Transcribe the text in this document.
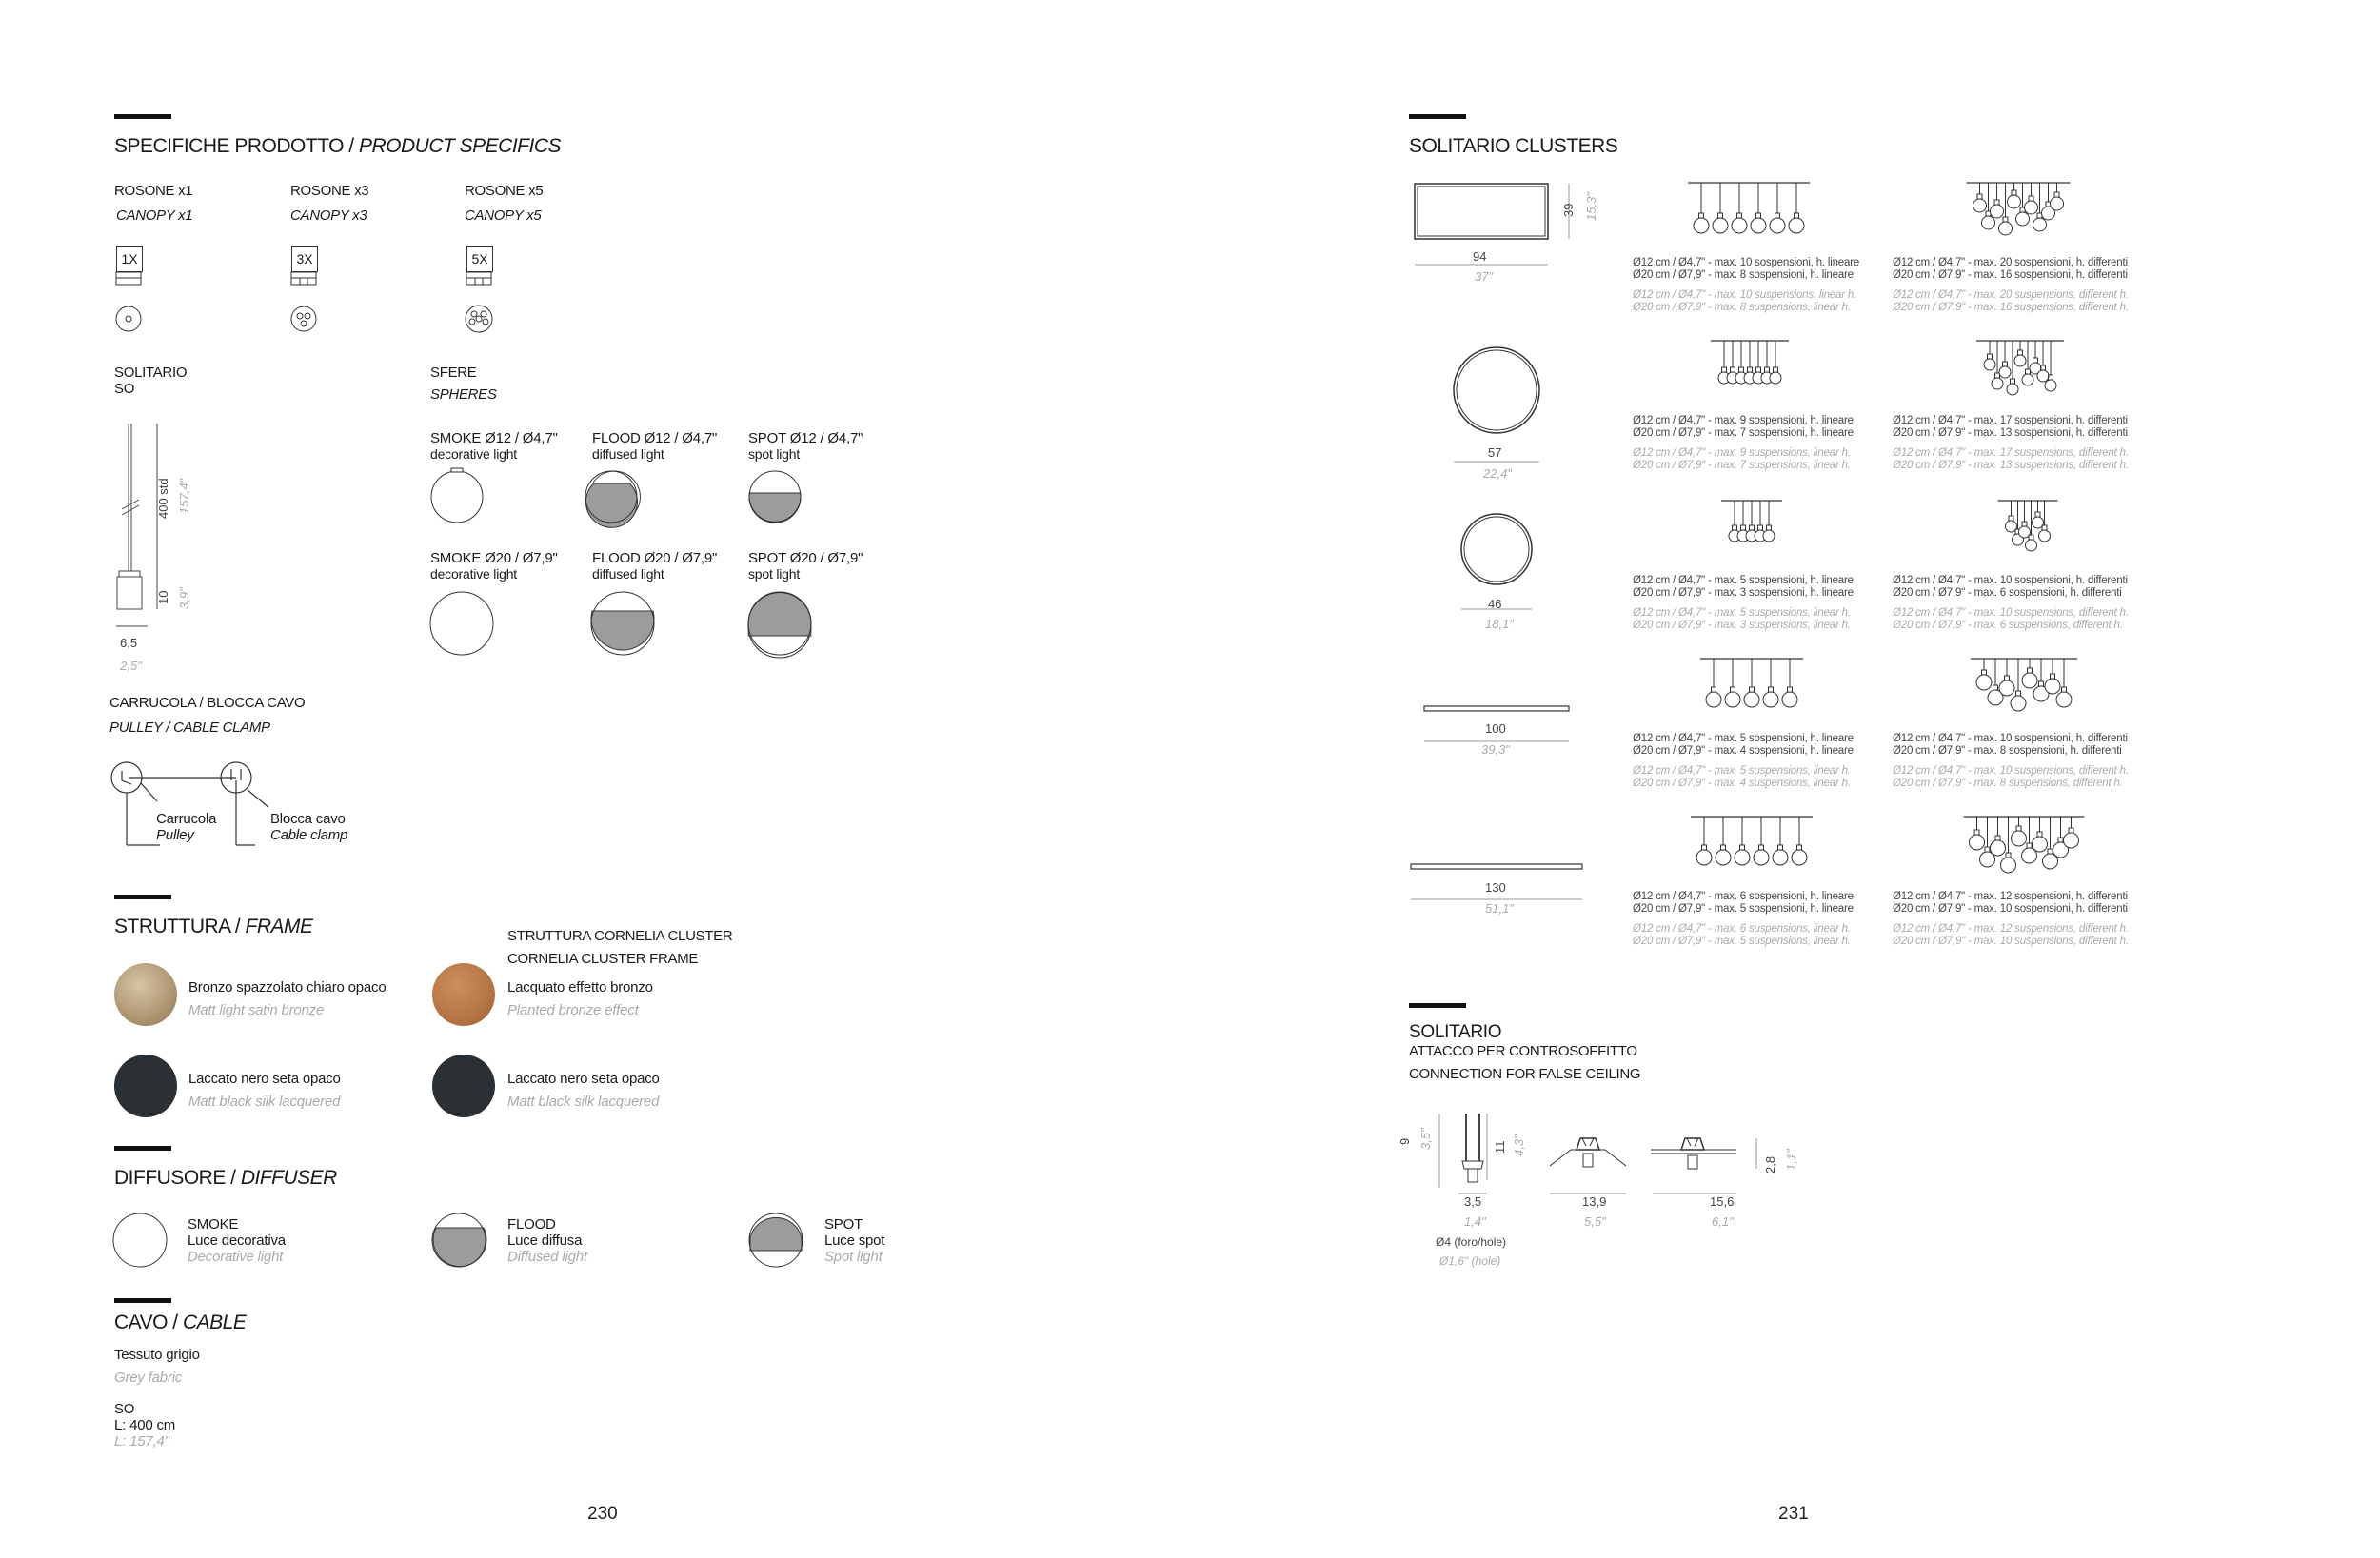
SPECIFICHE PRODOTTO / PRODUCT SPECIFICS
ROSONE x1
CANOPY x1
ROSONE x3
CANOPY x3
ROSONE x5
CANOPY x5
1X	3X	5X
SOLITARIO
SO
400 std 157,4"
10 3,9"
6,5
2,5"
SFERE
SPHERES
SMOKE Ø12 / Ø4,7"
decorative light
FLOOD Ø12 / Ø4,7"
diffused light
SPOT Ø12 / Ø4,7"
spot light
SMOKE Ø20 / Ø7,9"
decorative light
FLOOD Ø20 / Ø7,9"
diffused light
SPOT Ø20 / Ø7,9"
spot light
CARRUCOLA / BLOCCA CAVO
PULLEY / CABLE CLAMP
Carrucola
Pulley
Blocca cavo
Cable clamp
STRUTTURA / FRAME	STRUTTURA CORNELIA CLUSTER
CORNELIA CLUSTER FRAME
Bronzo spazzolato chiaro opaco
Matt light satin bronze
Lacquato effetto bronzo
Planted bronze effect
Laccato nero seta opaco
Matt black silk lacquered
Laccato nero seta opaco
Matt black silk lacquered
DIFFUSORE / DIFFUSER
SMOKE
Luce decorativa
Decorative light
FLOOD
Luce diffusa
Diffused light
SPOT
Luce spot
Spot light
CAVO / CABLE
Tessuto grigio
Grey fabric
SO
L: 400 cm
L: 157,4"
230
SOLITARIO CLUSTERS
94
37"
39 15,3"
57
22,4"
46
18,1"
100
39,3"
130
51,1"
Ø12 cm / Ø4,7" - max. 10 sospensioni, h. lineare
Ø20 cm / Ø7,9" - max. 8 sospensioni, h. lineare
Ø12 cm / Ø4,7" - max. 10 suspensions, linear h.
Ø20 cm / Ø7,9" - max. 8 suspensions, linear h.
Ø12 cm / Ø4,7" - max. 20 sospensioni, h. differenti
Ø20 cm / Ø7,9" - max. 16 sospensioni, h. differenti
Ø12 cm / Ø4,7" - max. 20 suspensions, different h.
Ø20 cm / Ø7,9" - max. 16 suspensions, different h.
Ø12 cm / Ø4,7" - max. 9 sospensioni, h. lineare
Ø20 cm / Ø7,9" - max. 7 sospensioni, h. lineare
Ø12 cm / Ø4,7" - max. 9 suspensions, linear h.
Ø20 cm / Ø7,9" - max. 7 suspensions, linear h.
Ø12 cm / Ø4,7" - max. 17 sospensioni, h. differenti
Ø20 cm / Ø7,9" - max. 13 sospensioni, h. differenti
Ø12 cm / Ø4,7" - max. 17 suspensions, different h.
Ø20 cm / Ø7,9" - max. 13 suspensions, different h.
Ø12 cm / Ø4,7" - max. 5 sospensioni, h. lineare
Ø20 cm / Ø7,9" - max. 3 sospensioni, h. lineare
Ø12 cm / Ø4,7" - max. 5 suspensions, linear h.
Ø20 cm / Ø7,9" - max. 3 suspensions, linear h.
Ø12 cm / Ø4,7" - max. 10 sospensioni, h. differenti
Ø20 cm / Ø7,9" - max. 6 sospensioni, h. differenti
Ø12 cm / Ø4,7" - max. 10 suspensions, different h.
Ø20 cm / Ø7,9" - max. 6 suspensions, different h.
Ø12 cm / Ø4,7" - max. 5 sospensioni, h. lineare
Ø20 cm / Ø7,9" - max. 4 sospensioni, h. lineare
Ø12 cm / Ø4,7" - max. 5 suspensions, linear h.
Ø20 cm / Ø7,9" - max. 4 suspensions, linear h.
Ø12 cm / Ø4,7" - max. 10 sospensioni, h. differenti
Ø20 cm / Ø7,9" - max. 8 sospensioni, h. differenti
Ø12 cm / Ø4,7" - max. 10 suspensions, different h.
Ø20 cm / Ø7,9" - max. 8 suspensions, different h.
Ø12 cm / Ø4,7" - max. 6 sospensioni, h. lineare
Ø20 cm / Ø7,9" - max. 5 sospensioni, h. lineare
Ø12 cm / Ø4,7" - max. 6 suspensions, linear h.
Ø20 cm / Ø7,9" - max. 5 suspensions, linear h.
Ø12 cm / Ø4,7" - max. 12 sospensioni, h. differenti
Ø20 cm / Ø7,9" - max. 10 sospensioni, h. differenti
Ø12 cm / Ø4,7" - max. 12 suspensions, different h.
Ø20 cm / Ø7,9" - max. 10 suspensions, different h.
SOLITARIO
ATTACCO PER CONTROSOFFITTO
CONNECTION FOR FALSE CEILING
9 3,5"	11 4,3"
2,8 1,1"
3,5
1,4"
13,9
5,5"
15,6
6,1"
Ø4 (foro/hole)
Ø1,6" (hole)
231
